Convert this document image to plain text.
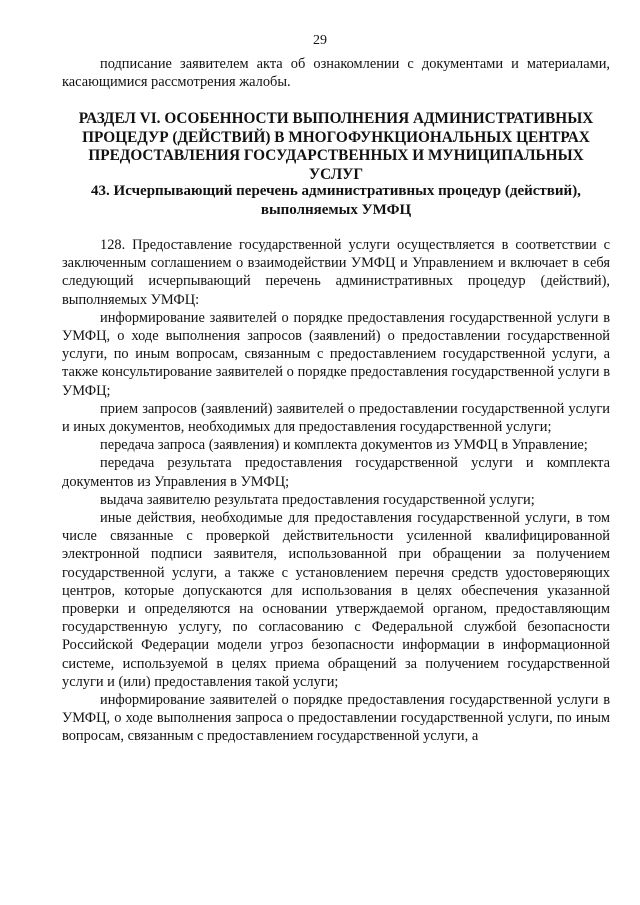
29

подписание заявителем акта об ознакомлении с документами и материалами, касающимися рассмотрения жалобы.

РАЗДЕЛ VI. ОСОБЕННОСТИ ВЫПОЛНЕНИЯ АДМИНИСТРАТИВНЫХ ПРОЦЕДУР (ДЕЙСТВИЙ) В МНОГОФУНКЦИОНАЛЬНЫХ ЦЕНТРАХ ПРЕДОСТАВЛЕНИЯ ГОСУДАРСТВЕННЫХ И МУНИЦИПАЛЬНЫХ УСЛУГ
43. Исчерпывающий перечень административных процедур (действий), выполняемых УМФЦ

128. Предоставление государственной услуги осуществляется в соответствии с заключенным соглашением о взаимодействии УМФЦ и Управлением и включает в себя следующий исчерпывающий перечень административных процедур (действий), выполняемых УМФЦ:

информирование заявителей о порядке предоставления государственной услуги в УМФЦ, о ходе выполнения запросов (заявлений) о предоставлении государственной услуги, по иным вопросам, связанным с предоставлением государственной услуги, а также консультирование заявителей о порядке предоставления государственной услуги в УМФЦ;

прием запросов (заявлений) заявителей о предоставлении государственной услуги и иных документов, необходимых для предоставления государственной услуги;

передача запроса (заявления) и комплекта документов из УМФЦ в Управление;

передача результата предоставления государственной услуги и комплекта документов из Управления в УМФЦ;

выдача заявителю результата предоставления государственной услуги;

иные действия, необходимые для предоставления государственной услуги, в том числе связанные с проверкой действительности усиленной квалифицированной электронной подписи заявителя, использованной при обращении за получением государственной услуги, а также с установлением перечня средств удостоверяющих центров, которые допускаются для использования в целях обеспечения указанной проверки и определяются на основании утверждаемой органом, предоставляющим государственную услугу, по согласованию с Федеральной службой безопасности Российской Федерации модели угроз безопасности информации в информационной системе, используемой в целях приема обращений за получением государственной услуги и (или) предоставления такой услуги;

информирование заявителей о порядке предоставления государственной услуги в УМФЦ, о ходе выполнения запроса о предоставлении государственной услуги, по иным вопросам, связанным с предоставлением государственной услуги, а
